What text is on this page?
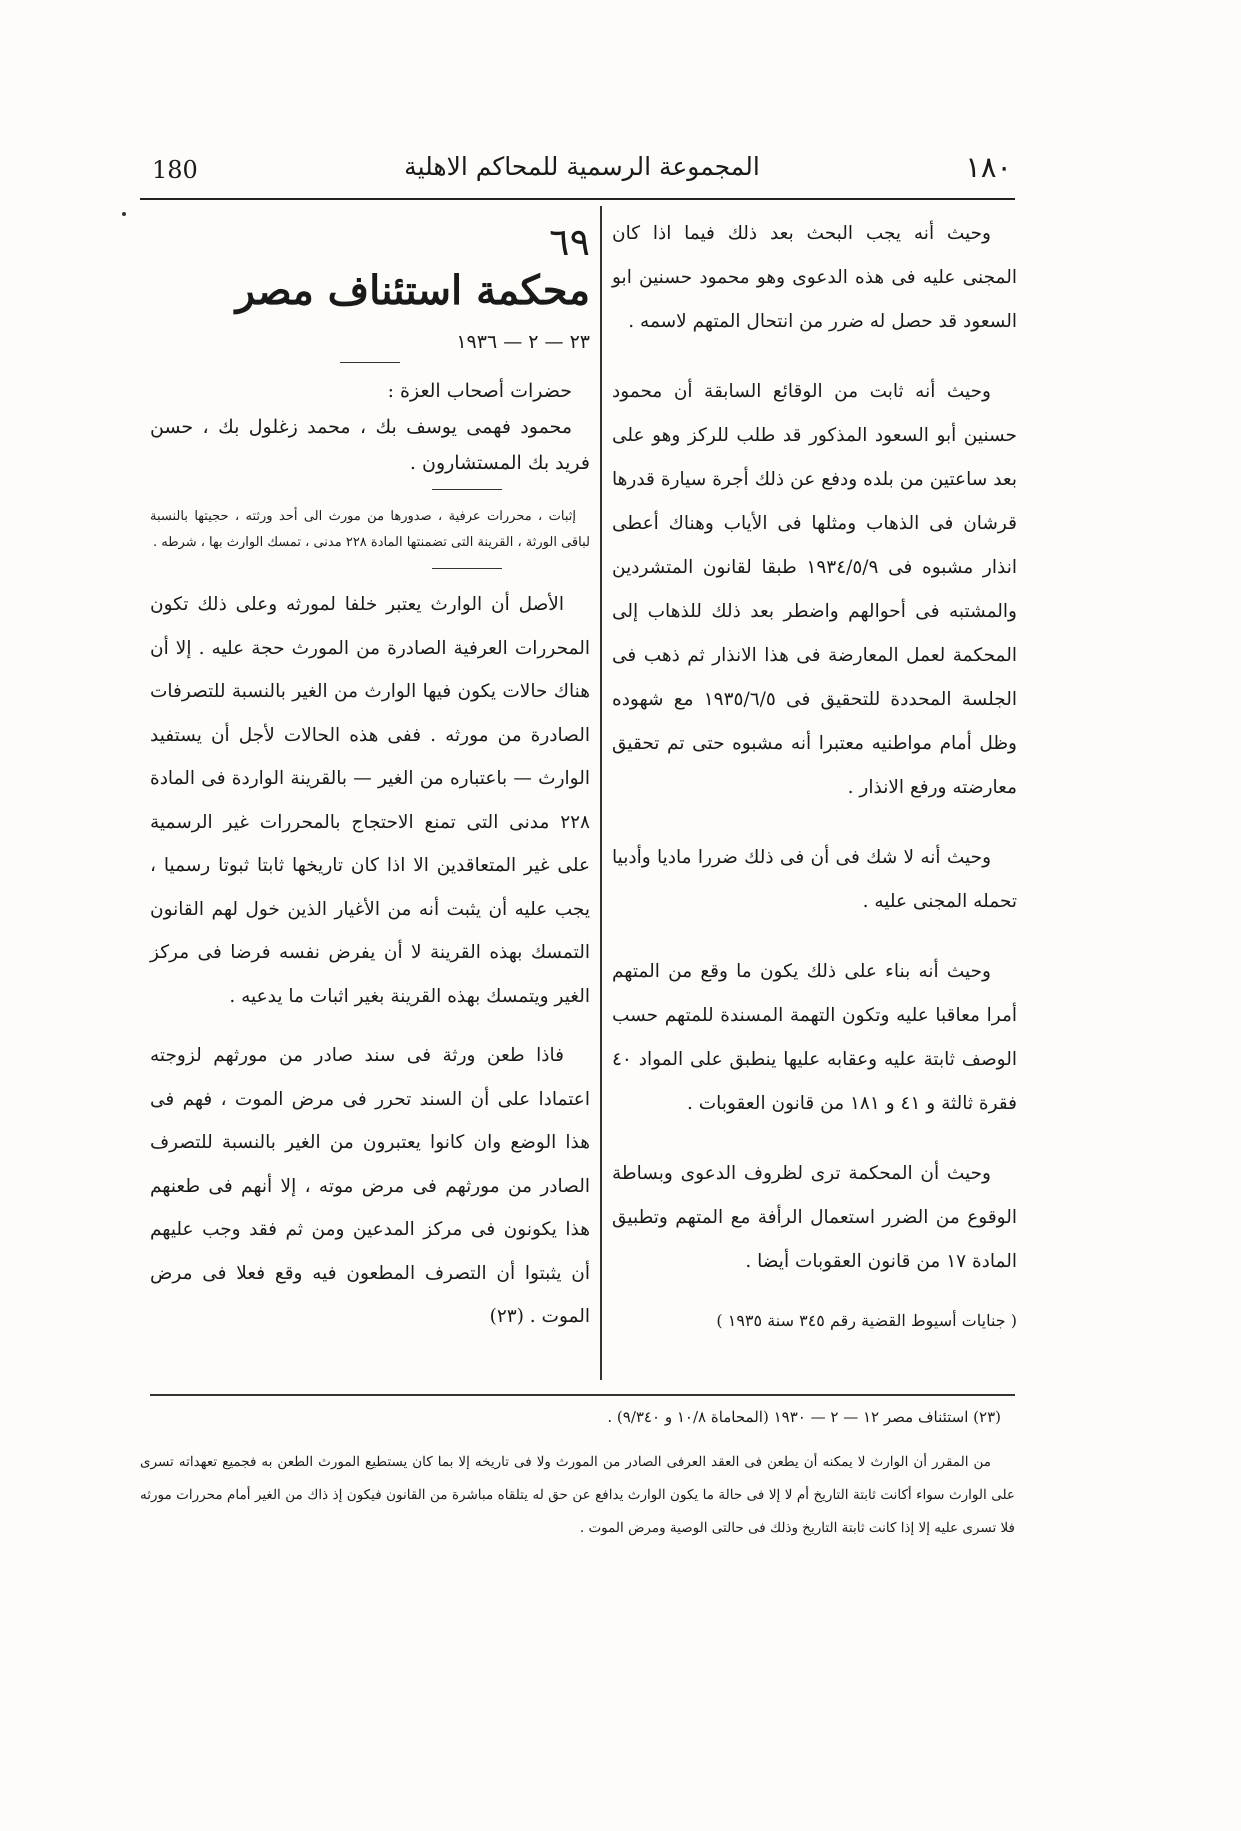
180	المجموعة الرسمية للمحاكم الاهلية	١٨٠

وحيث أنه يجب البحث بعد ذلك فيما اذا كان المجنى عليه فى هذه الدعوى وهو محمود حسنين ابو السعود قد حصل له ضرر من انتحال المتهم لاسمه .

وحيث أنه ثابت من الوقائع السابقة أن محمود حسنين أبو السعود المذكور قد طلب للركز وهو على بعد ساعتين من بلده ودفع عن ذلك أجرة سيارة قدرها قرشان فى الذهاب ومثلها فى الأياب وهناك أعطى انذار مشبوه فى ١٩٣٤/٥/٩ طبقا لقانون المتشردين والمشتبه فى أحوالهم واضطر بعد ذلك للذهاب إلى المحكمة لعمل المعارضة فى هذا الانذار ثم ذهب فى الجلسة المحددة للتحقيق فى ١٩٣٥/٦/٥ مع شهوده وظل أمام مواطنيه معتبرا أنه مشبوه حتى تم تحقيق معارضته ورفع الانذار .

وحيث أنه لا شك فى أن فى ذلك ضررا ماديا وأدبيا تحمله المجنى عليه .

وحيث أنه بناء على ذلك يكون ما وقع من المتهم أمرا معاقبا عليه وتكون التهمة المسندة للمتهم حسب الوصف ثابتة عليه وعقابه عليها ينطبق على المواد ٤٠ فقرة ثالثة و ٤١ و ١٨١ من قانون العقوبات .

وحيث أن المحكمة ترى لظروف الدعوى وبساطة الوقوع من الضرر استعمال الرأفة مع المتهم وتطبيق المادة ١٧ من قانون العقوبات أيضا .

( جنايات أسيوط القضية رقم ٣٤٥ سنة ١٩٣٥ )
٦٩
محكمة استئناف مصر
٢٣ — ٢ — ١٩٣٦
حضرات أصحاب العزة :
محمود فهمى يوسف بك ، محمد زغلول بك ، حسن فريد بك المستشارون .
إثبات ، محررات عرفية ، صدورها من مورث الى أحد ورثته ، حجيتها بالنسبة لباقى الورثة ، القرينة التى تضمنتها المادة ٢٢٨ مدنى ، تمسك الوارث بها ، شرطه .

الأصل أن الوارث يعتبر خلفا لمورثه وعلى ذلك تكون المحررات العرفية الصادرة من المورث حجة عليه . إلا أن هناك حالات يكون فيها الوارث من الغير بالنسبة للتصرفات الصادرة من مورثه . ففى هذه الحالات لأجل أن يستفيد الوارث — باعتباره من الغير — بالقرينة الواردة فى المادة ٢٢٨ مدنى التى تمنع الاحتجاج بالمحررات غير الرسمية على غير المتعاقدين الا اذا كان تاريخها ثابتا ثبوتا رسميا ، يجب عليه أن يثبت أنه من الأغيار الذين خول لهم القانون التمسك بهذه القرينة لا أن يفرض نفسه فرضا فى مركز الغير ويتمسك بهذه القرينة بغير اثبات ما يدعيه .

فاذا طعن ورثة فى سند صادر من مورثهم لزوجته اعتمادا على أن السند تحرر فى مرض الموت ، فهم فى هذا الوضع وان كانوا يعتبرون من الغير بالنسبة للتصرف الصادر من مورثهم فى مرض موته ، إلا أنهم فى طعنهم هذا يكونون فى مركز المدعين ومن ثم فقد وجب عليهم أن يثبتوا أن التصرف المطعون فيه وقع فعلا فى مرض الموت . (٢٣)

(٢٣) استئناف مصر ١٢ — ٢ — ١٩٣٠ (المحاماة ١٠/٨ و ٩/٣٤٠) .
من المقرر أن الوارث لا يمكنه أن يطعن فى العقد العرفى الصادر من المورث ولا فى تاريخه إلا بما كان يستطيع المورث الطعن به فجميع تعهداته تسرى على الوارث سواء أكانت ثابتة التاريخ أم لا إلا فى حالة ما يكون الوارث يدافع عن حق له يتلقاه مباشرة من القانون فيكون إذ ذاك من الغير أمام محررات مورثه فلا تسرى عليه إلا إذا كانت ثابتة التاريخ وذلك فى حالتى الوصية ومرض الموت .
